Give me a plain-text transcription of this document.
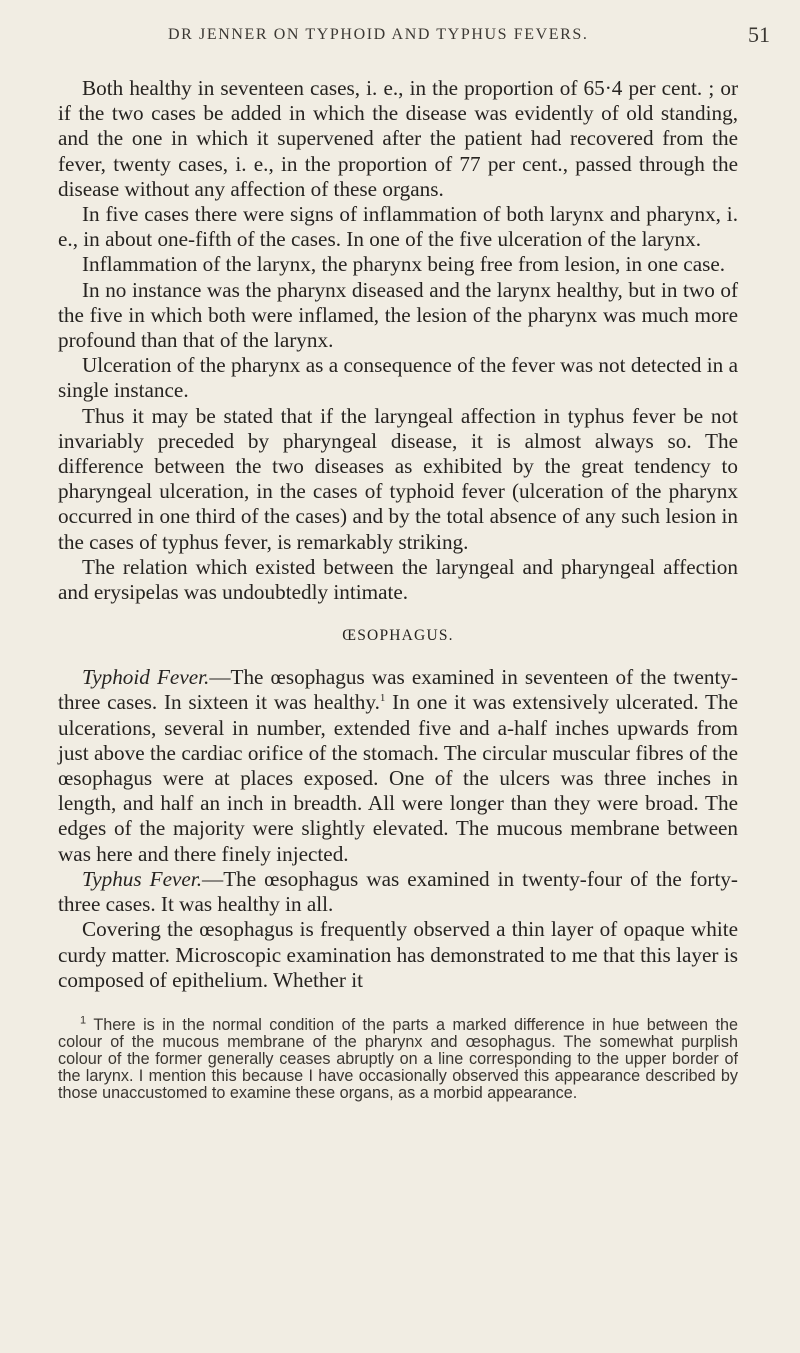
DR JENNER ON TYPHOID AND TYPHUS FEVERS.	51

Both healthy in seventeen cases, i. e., in the proportion of 65·4 per cent. ; or if the two cases be added in which the disease was evidently of old standing, and the one in which it supervened after the patient had recovered from the fever, twenty cases, i. e., in the proportion of 77 per cent., passed through the disease without any affection of these organs.

In five cases there were signs of inflammation of both larynx and pharynx, i. e., in about one-fifth of the cases. In one of the five ulceration of the larynx.

Inflammation of the larynx, the pharynx being free from lesion, in one case.

In no instance was the pharynx diseased and the larynx healthy, but in two of the five in which both were inflamed, the lesion of the pharynx was much more profound than that of the larynx.

Ulceration of the pharynx as a consequence of the fever was not detected in a single instance.

Thus it may be stated that if the laryngeal affection in typhus fever be not invariably preceded by pharyngeal disease, it is almost always so. The difference between the two diseases as exhibited by the great tendency to pharyngeal ulceration, in the cases of typhoid fever (ulceration of the pharynx occurred in one third of the cases) and by the total absence of any such lesion in the cases of typhus fever, is remarkably striking.

The relation which existed between the laryngeal and pharyngeal affection and erysipelas was undoubtedly intimate.

ŒSOPHAGUS.

Typhoid Fever.—The œsophagus was examined in seventeen of the twenty-three cases. In sixteen it was healthy.$^1$ In one it was extensively ulcerated. The ulcerations, several in number, extended five and a-half inches upwards from just above the cardiac orifice of the stomach. The circular muscular fibres of the œsophagus were at places exposed. One of the ulcers was three inches in length, and half an inch in breadth. All were longer than they were broad. The edges of the majority were slightly elevated. The mucous membrane between was here and there finely injected.

Typhus Fever.—The œsophagus was examined in twenty-four of the forty-three cases. It was healthy in all.

Covering the œsophagus is frequently observed a thin layer of opaque white curdy matter. Microscopic examination has demonstrated to me that this layer is composed of epithelium. Whether it

$^1$ There is in the normal condition of the parts a marked difference in hue between the colour of the mucous membrane of the pharynx and œsophagus. The somewhat purplish colour of the former generally ceases abruptly on a line corresponding to the upper border of the larynx. I mention this because I have occasionally observed this appearance described by those unaccustomed to examine these organs, as a morbid appearance.
